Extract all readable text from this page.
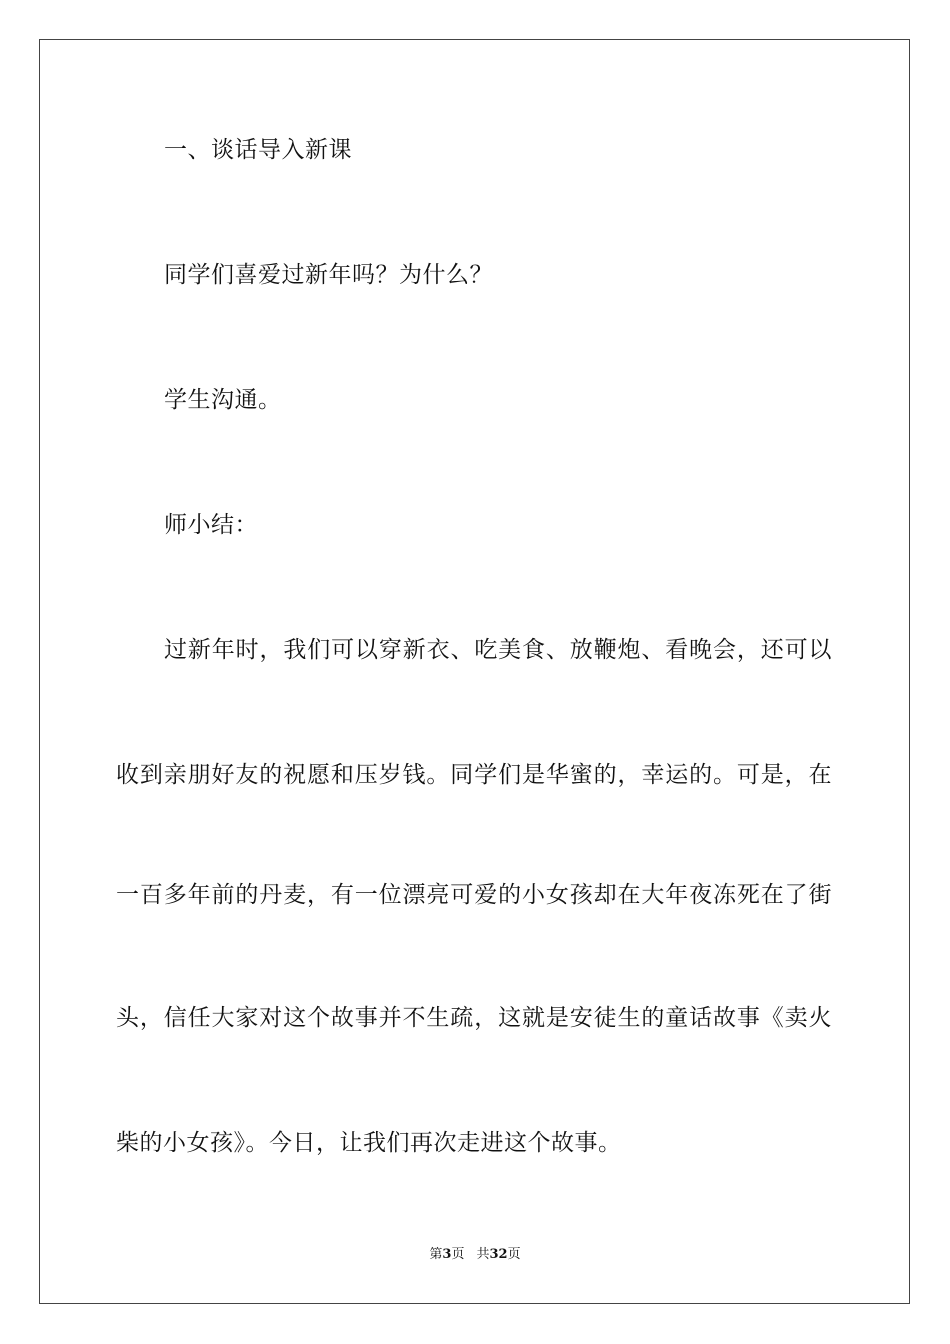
一、谈话导入新课
同学们喜爱过新年吗？为什么？
学生沟通。
师小结：
过新年时，我们可以穿新衣、吃美食、放鞭炮、看晚会，还可以
收到亲朋好友的祝愿和压岁钱。同学们是华蜜的，幸运的。可是，在
一百多年前的丹麦，有一位漂亮可爱的小女孩却在大年夜冻死在了街
头，信任大家对这个故事并不生疏，这就是安徒生的童话故事《卖火
柴的小女孩》。今日，让我们再次走进这个故事。
第3页 共32页
